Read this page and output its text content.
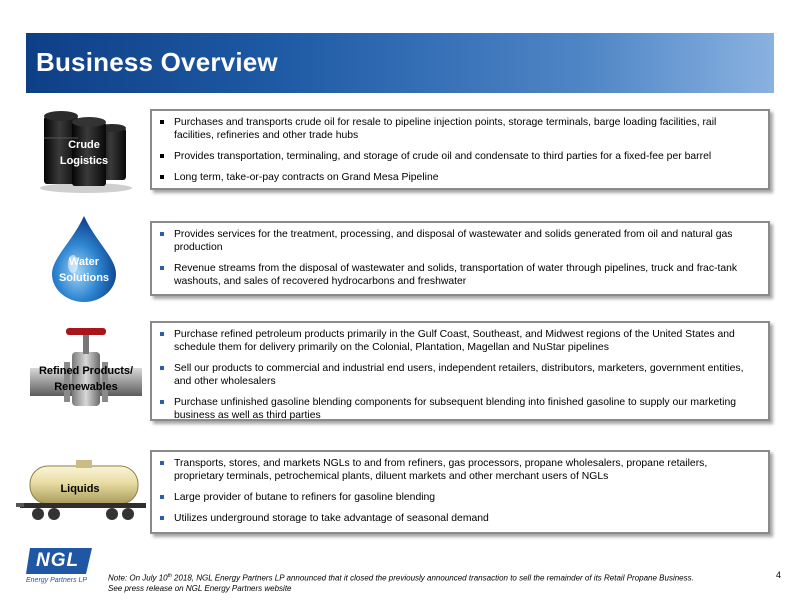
Business Overview
Crude
Logistics
Purchases and transports crude oil for resale to pipeline injection points, storage terminals, barge loading facilities, rail facilities, refineries and other trade hubs
Provides transportation, terminaling, and storage of crude oil and condensate to third parties for a fixed-fee per barrel
Long term, take-or-pay contracts on Grand Mesa Pipeline
Water
Solutions
Provides services for the treatment, processing, and disposal of wastewater and solids generated from oil and natural gas production
Revenue streams from the disposal of wastewater and solids, transportation of water through pipelines, truck and frac-tank washouts, and sales of recovered hydrocarbons and freshwater
Refined Products/
Renewables
Purchase refined petroleum products primarily in the Gulf Coast, Southeast, and Midwest regions of the United States and schedule them for delivery primarily on the Colonial, Plantation, Magellan and NuStar pipelines
Sell our products to commercial and industrial end users, independent retailers, distributors, marketers, government entities, and other wholesalers
Purchase unfinished gasoline blending components for subsequent blending into finished gasoline to supply our marketing business as well as third parties
Liquids
Transports, stores, and markets NGLs to and from refiners, gas processors, propane wholesalers, propane retailers, proprietary terminals, petrochemical plants, diluent markets and other merchant users of NGLs
Large provider of butane to refiners for gasoline blending
Utilizes underground storage to take advantage of seasonal demand
NGL
Energy Partners LP	Note: On July 10th 2018, NGL Energy Partners LP announced that it closed the previously announced transaction to sell the remainder of its Retail Propane Business.
See press release on NGL Energy Partners website
4
